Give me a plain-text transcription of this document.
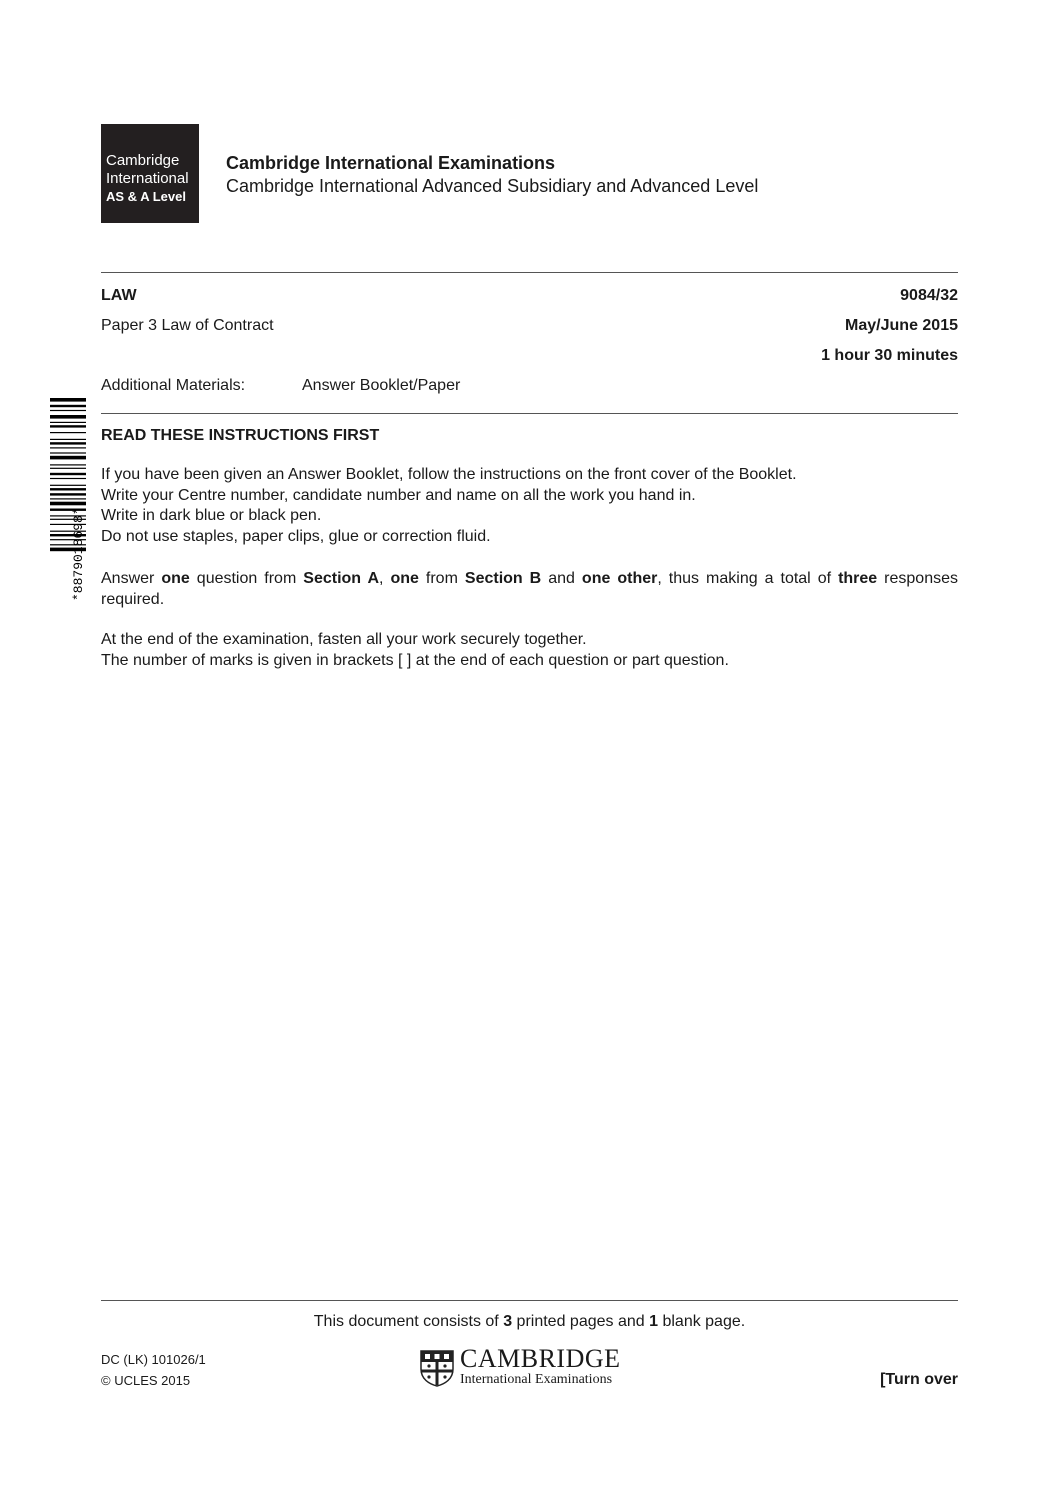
Cambridge
International
AS & A Level
Cambridge International Examinations
Cambridge International Advanced Subsidiary and Advanced Level
LAW	9084/32
Paper 3 Law of Contract	May/June 2015
1 hour 30 minutes
Additional Materials:	Answer Booklet/Paper
*8879018698*
READ THESE INSTRUCTIONS FIRST
If you have been given an Answer Booklet, follow the instructions on the front cover of the Booklet.
Write your Centre number, candidate number and name on all the work you hand in.
Write in dark blue or black pen.
Do not use staples, paper clips, glue or correction fluid.
Answer one question from Section A, one from Section B and one other, thus making a total of three responses required.
At the end of the examination, fasten all your work securely together.
The number of marks is given in brackets [ ] at the end of each question or part question.
This document consists of 3 printed pages and 1 blank page.
DC (LK) 101026/1
© UCLES 2015
CAMBRIDGE
International Examinations	[Turn over
